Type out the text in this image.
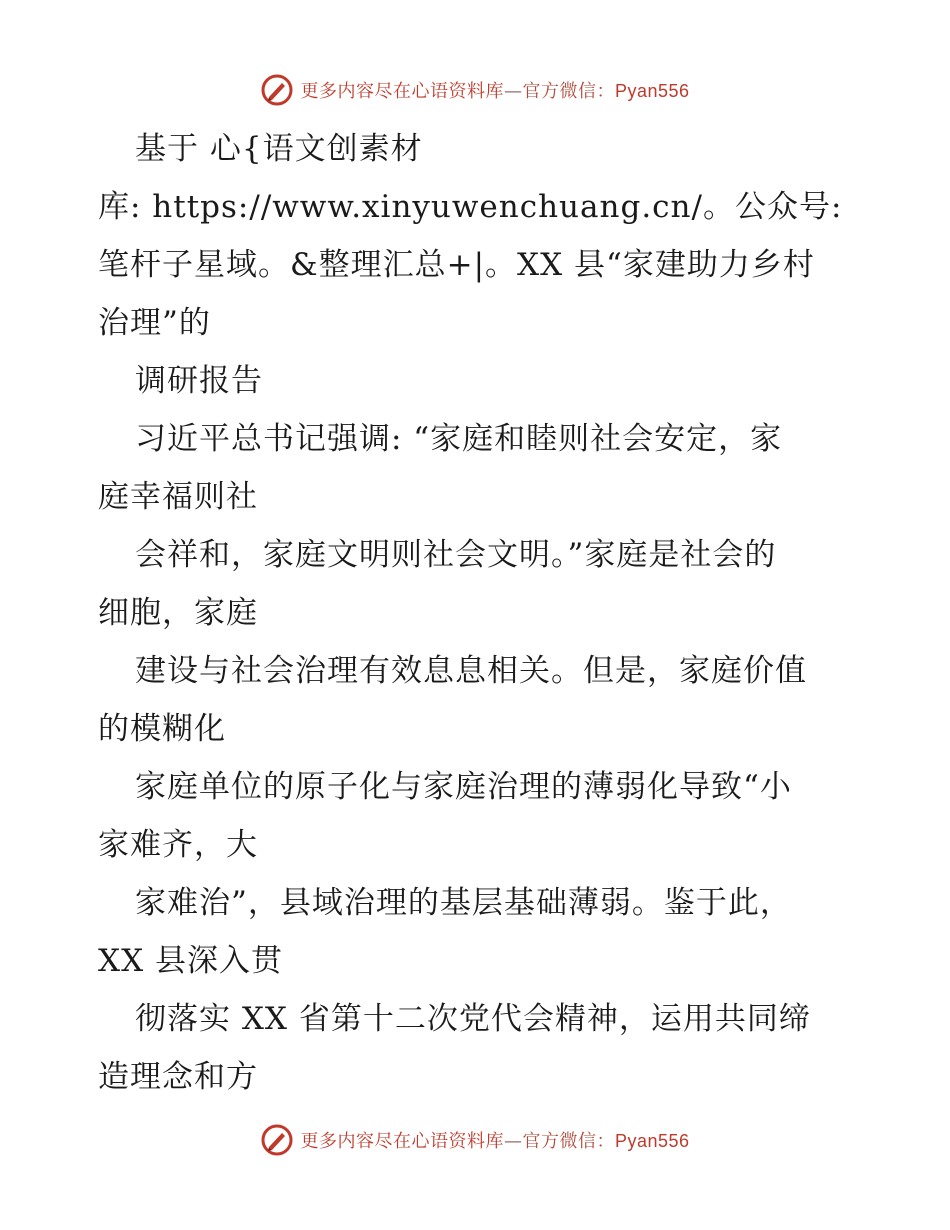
更多内容尽在心语资料库—官方微信：Pyan556
基于 心{语文创素材
库: https://www.xinyuwenchuang.cn/。公众号:
笔杆子星域。&整理汇总+|。XX 县“家建助力乡村
治理”的
调研报告
习近平总书记强调: “家庭和睦则社会安定，家
庭幸福则社
会祥和，家庭文明则社会文明。”家庭是社会的
细胞，家庭
建设与社会治理有效息息相关。但是，家庭价值
的模糊化
家庭单位的原子化与家庭治理的薄弱化导致“小
家难齐，大
家难治”，县域治理的基层基础薄弱。鉴于此，
XX 县深入贯
彻落实 XX 省第十二次党代会精神，运用共同缔
造理念和方
更多内容尽在心语资料库—官方微信：Pyan556
